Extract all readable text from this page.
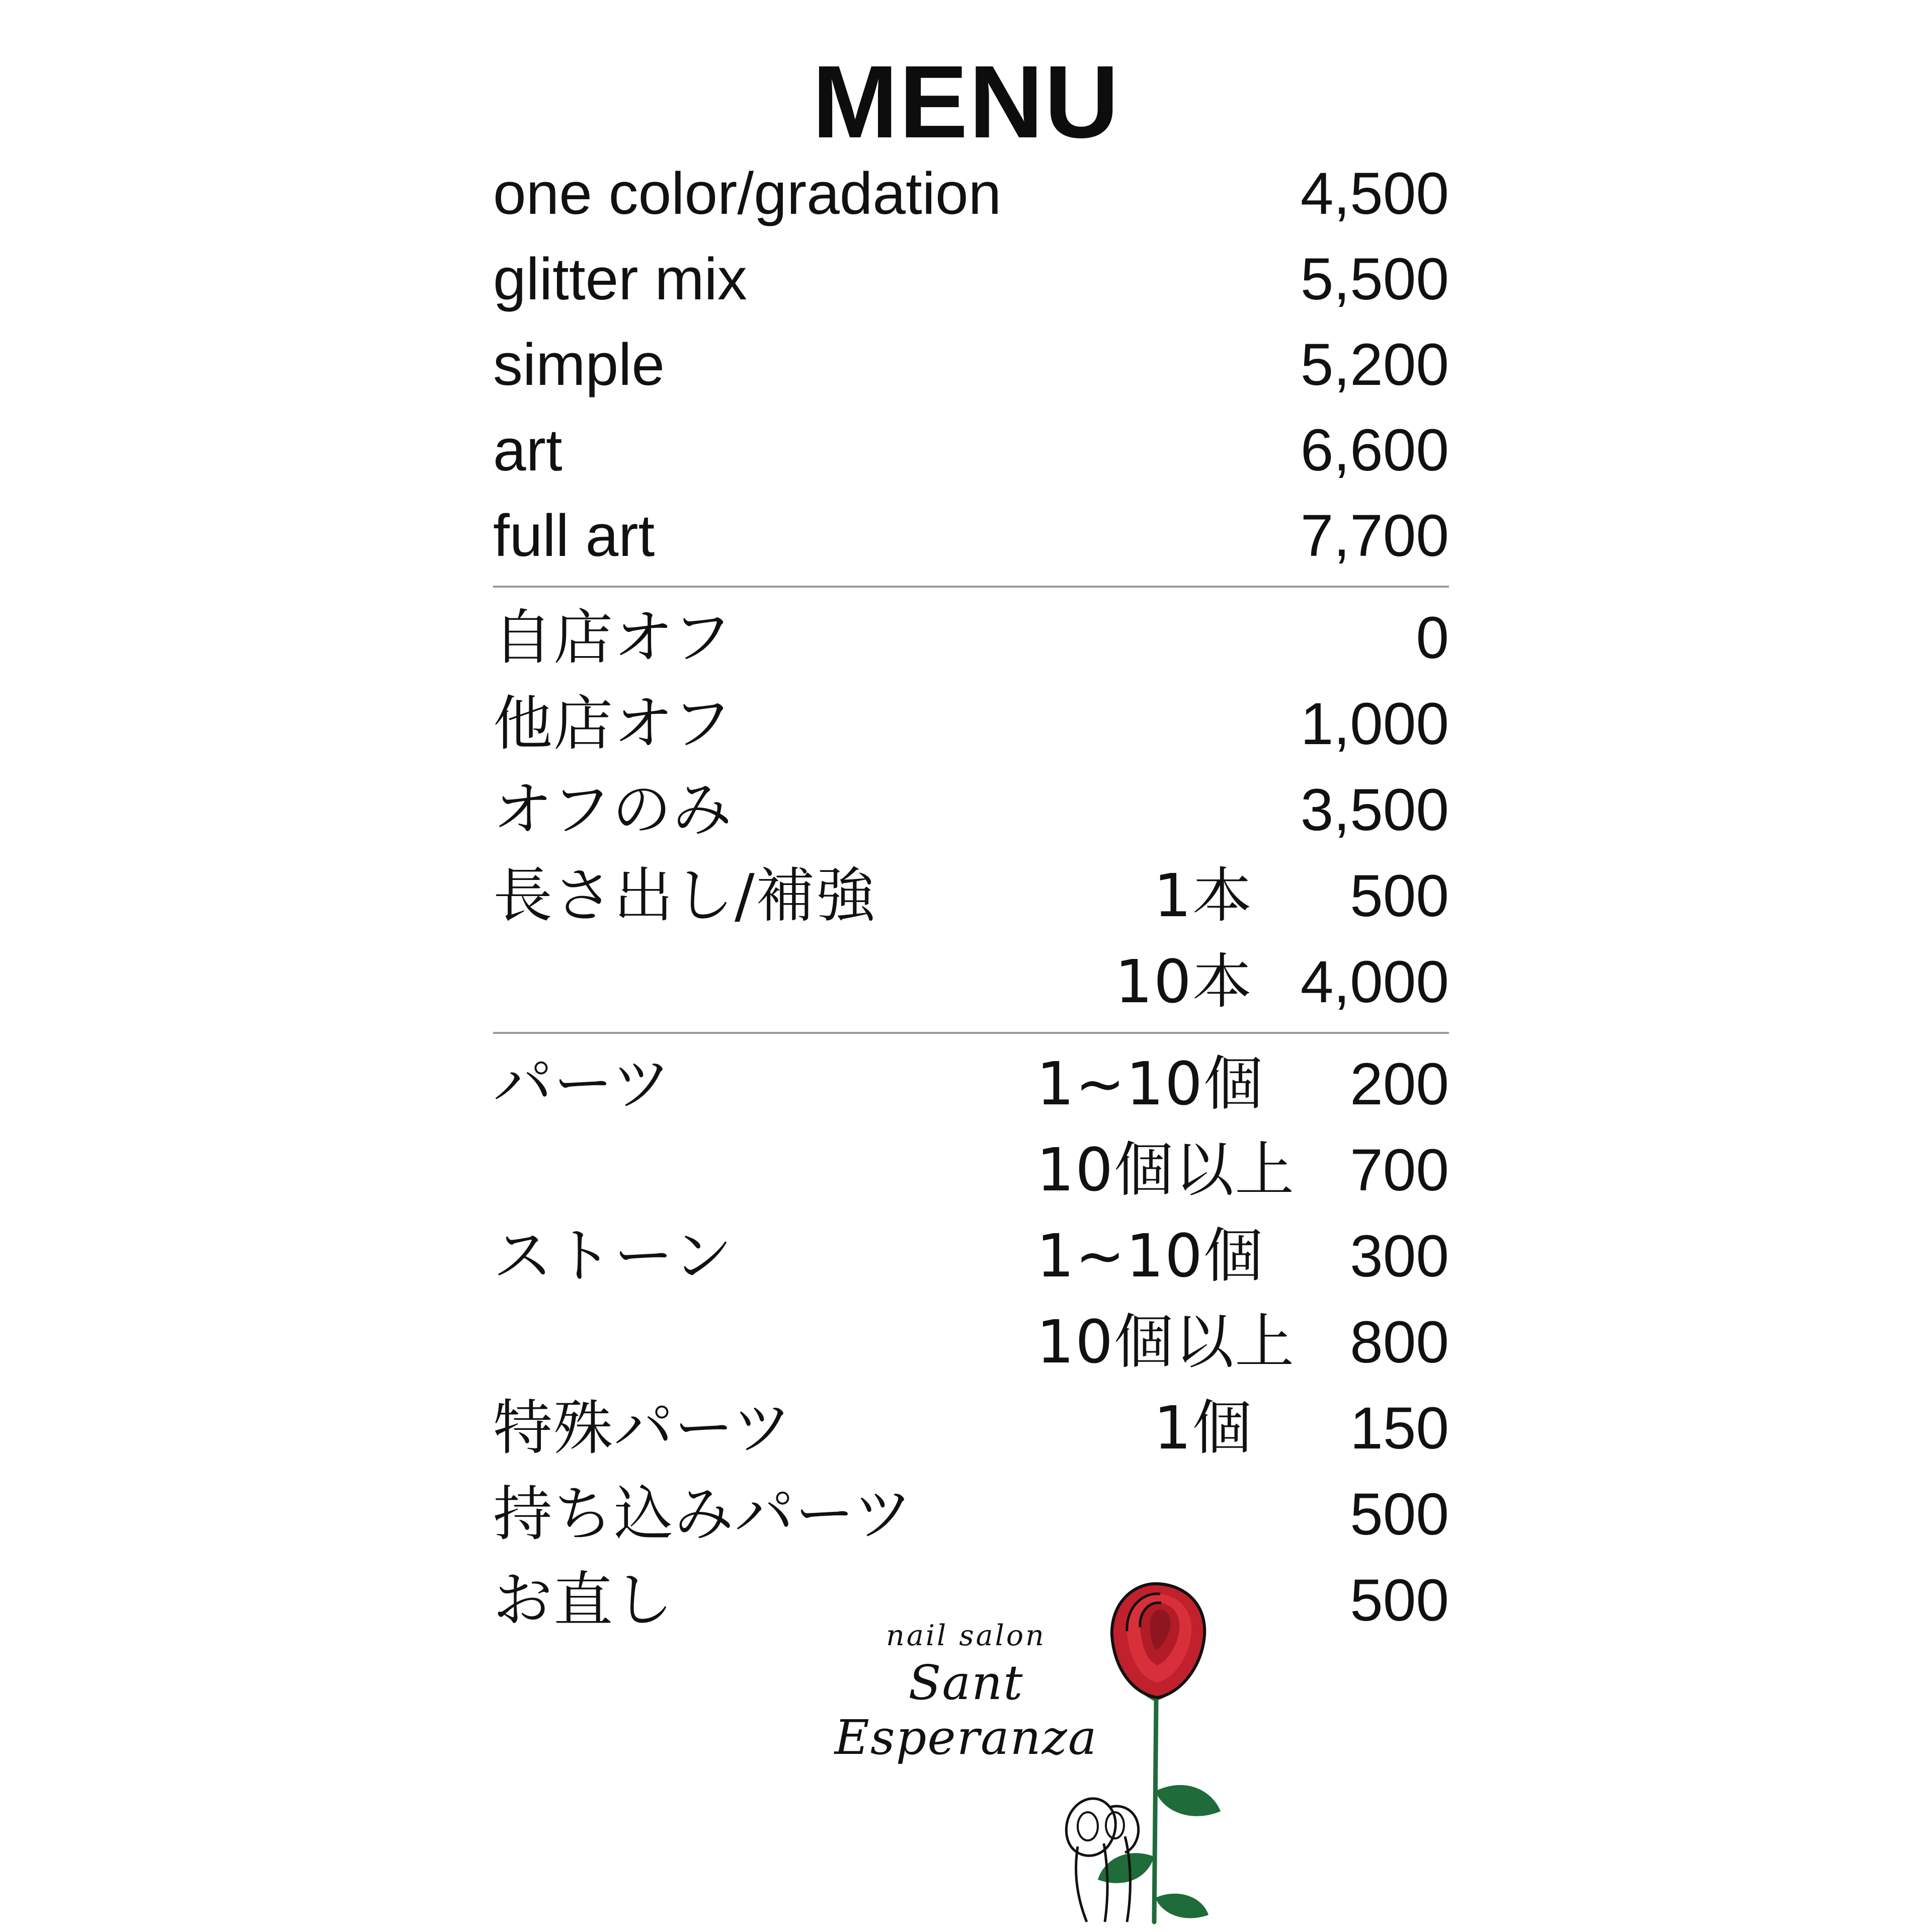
MENU
one color/gradation		4,500
glitter mix		5,500
simple		5,200
art		6,600
full art		7,700
自店オフ		0
他店オフ		1,000
オフのみ		3,500
長さ出し/補強	1本	500
	10本	4,000
パーツ	1~10個	200
	10個以上	700
ストーン	1~10個	300
	10個以上	800
特殊パーツ	1個	150
持ち込みパーツ		500
お直し		500
nail salon
Sant Esperanza
